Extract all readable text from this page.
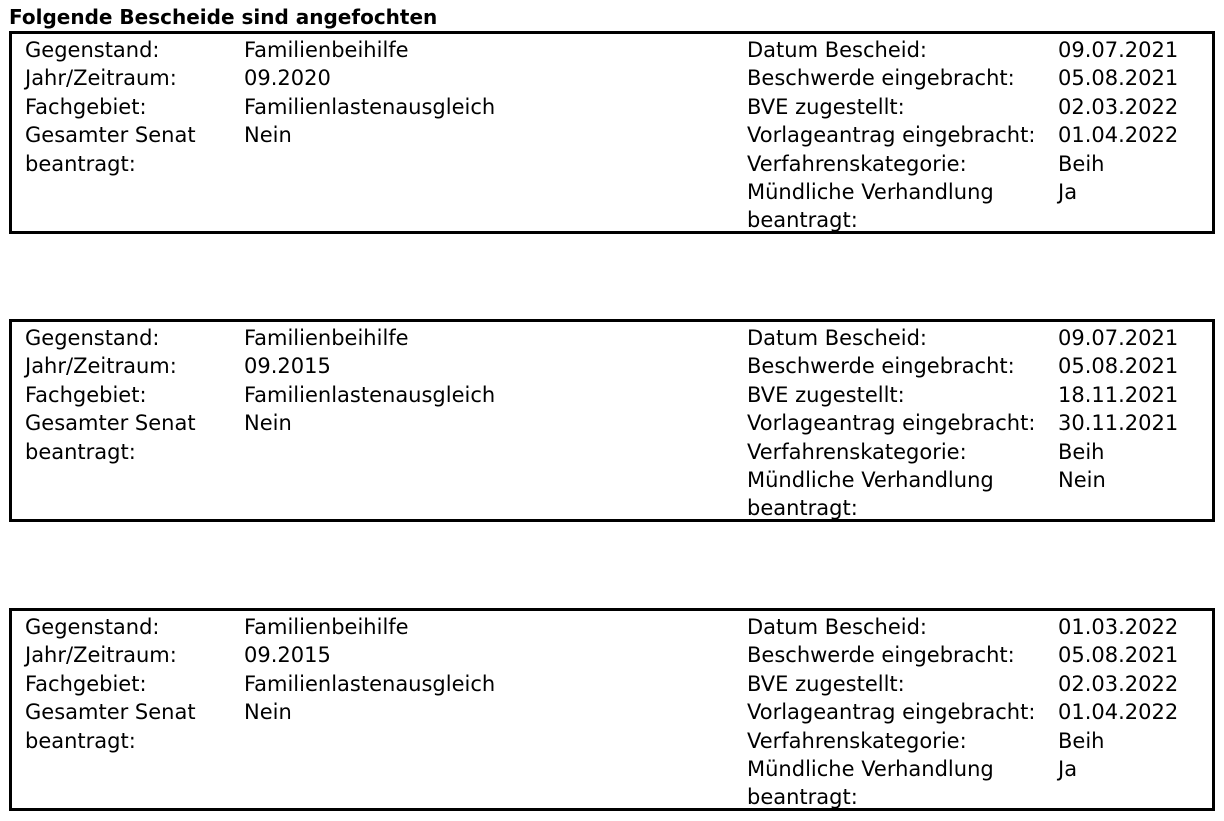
Folgende Bescheide sind angefochten
Gegenstand:
Jahr/Zeitraum:
Fachgebiet:
Gesamter Senat
beantragt:
Familienbeihilfe
09.2020
Familienlastenausgleich
Nein
Datum Bescheid:
Beschwerde eingebracht:
BVE zugestellt:
Vorlageantrag eingebracht:
Verfahrenskategorie:
Mündliche Verhandlung
beantragt:
09.07.2021
05.08.2021
02.03.2022
01.04.2022
Beih
Ja
Gegenstand:
Jahr/Zeitraum:
Fachgebiet:
Gesamter Senat
beantragt:
Familienbeihilfe
09.2015
Familienlastenausgleich
Nein
Datum Bescheid:
Beschwerde eingebracht:
BVE zugestellt:
Vorlageantrag eingebracht:
Verfahrenskategorie:
Mündliche Verhandlung
beantragt:
09.07.2021
05.08.2021
18.11.2021
30.11.2021
Beih
Nein
Gegenstand:
Jahr/Zeitraum:
Fachgebiet:
Gesamter Senat
beantragt:
Familienbeihilfe
09.2015
Familienlastenausgleich
Nein
Datum Bescheid:
Beschwerde eingebracht:
BVE zugestellt:
Vorlageantrag eingebracht:
Verfahrenskategorie:
Mündliche Verhandlung
beantragt:
01.03.2022
05.08.2021
02.03.2022
01.04.2022
Beih
Ja
